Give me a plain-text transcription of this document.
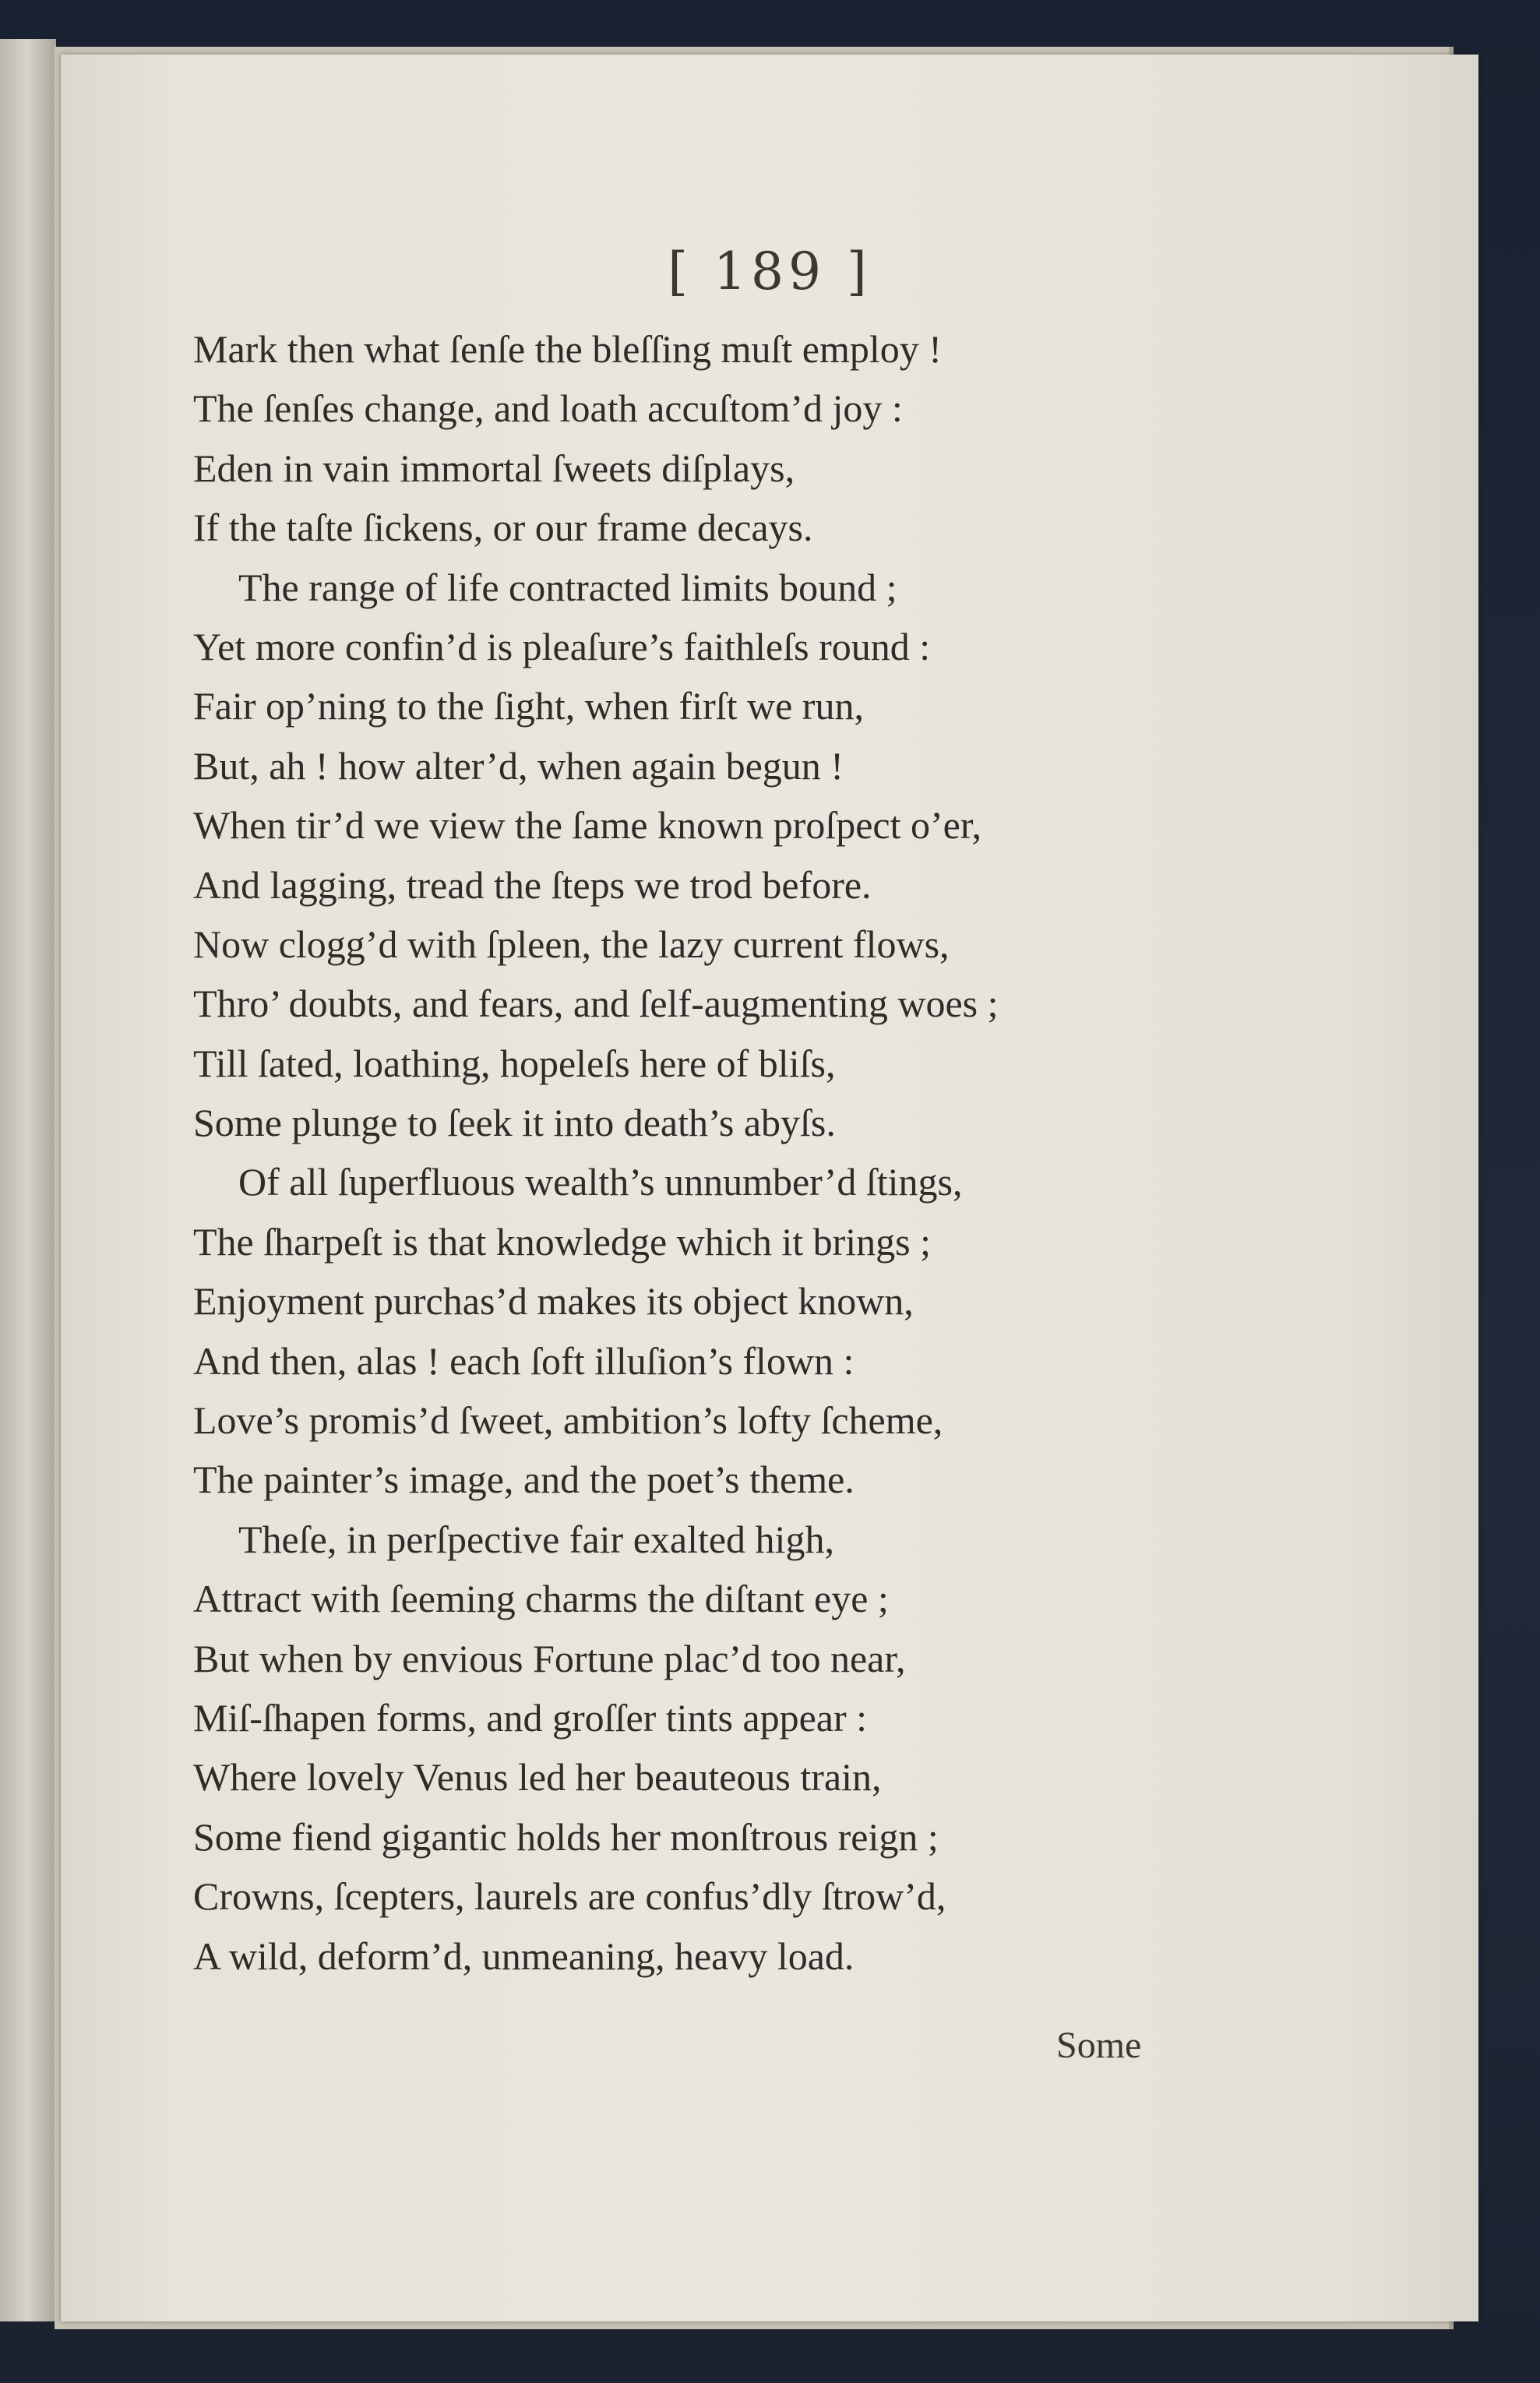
[ 189 ]
Mark then what ſenſe the bleſſing muſt employ !
The ſenſes change, and loath accuſtom’d joy :
Eden in vain immortal ſweets diſplays,
If the taſte ſickens, or our frame decays.
The range of life contracted limits bound ;
Yet more confin’d is pleaſure’s faithleſs round :
Fair op’ning to the ſight, when firſt we run,
But, ah ! how alter’d, when again begun !
When tir’d we view the ſame known proſpect o’er,
And lagging, tread the ſteps we trod before.
Now clogg’d with ſpleen, the lazy current flows,
Thro’ doubts, and fears, and ſelf-augmenting woes ;
Till ſated, loathing, hopeleſs here of bliſs,
Some plunge to ſeek it into death’s abyſs.
Of all ſuperfluous wealth’s unnumber’d ſtings,
The ſharpeſt is that knowledge which it brings ;
Enjoyment purchas’d makes its object known,
And then, alas ! each ſoft illuſion’s flown :
Love’s promis’d ſweet, ambition’s lofty ſcheme,
The painter’s image, and the poet’s theme.
Theſe, in perſpective fair exalted high,
Attract with ſeeming charms the diſtant eye ;
But when by envious Fortune plac’d too near,
Miſ-ſhapen forms, and groſſer tints appear :
Where lovely Venus led her beauteous train,
Some fiend gigantic holds her monſtrous reign ;
Crowns, ſcepters, laurels are confus’dly ſtrow’d,
A wild, deform’d, unmeaning, heavy load.
Some
